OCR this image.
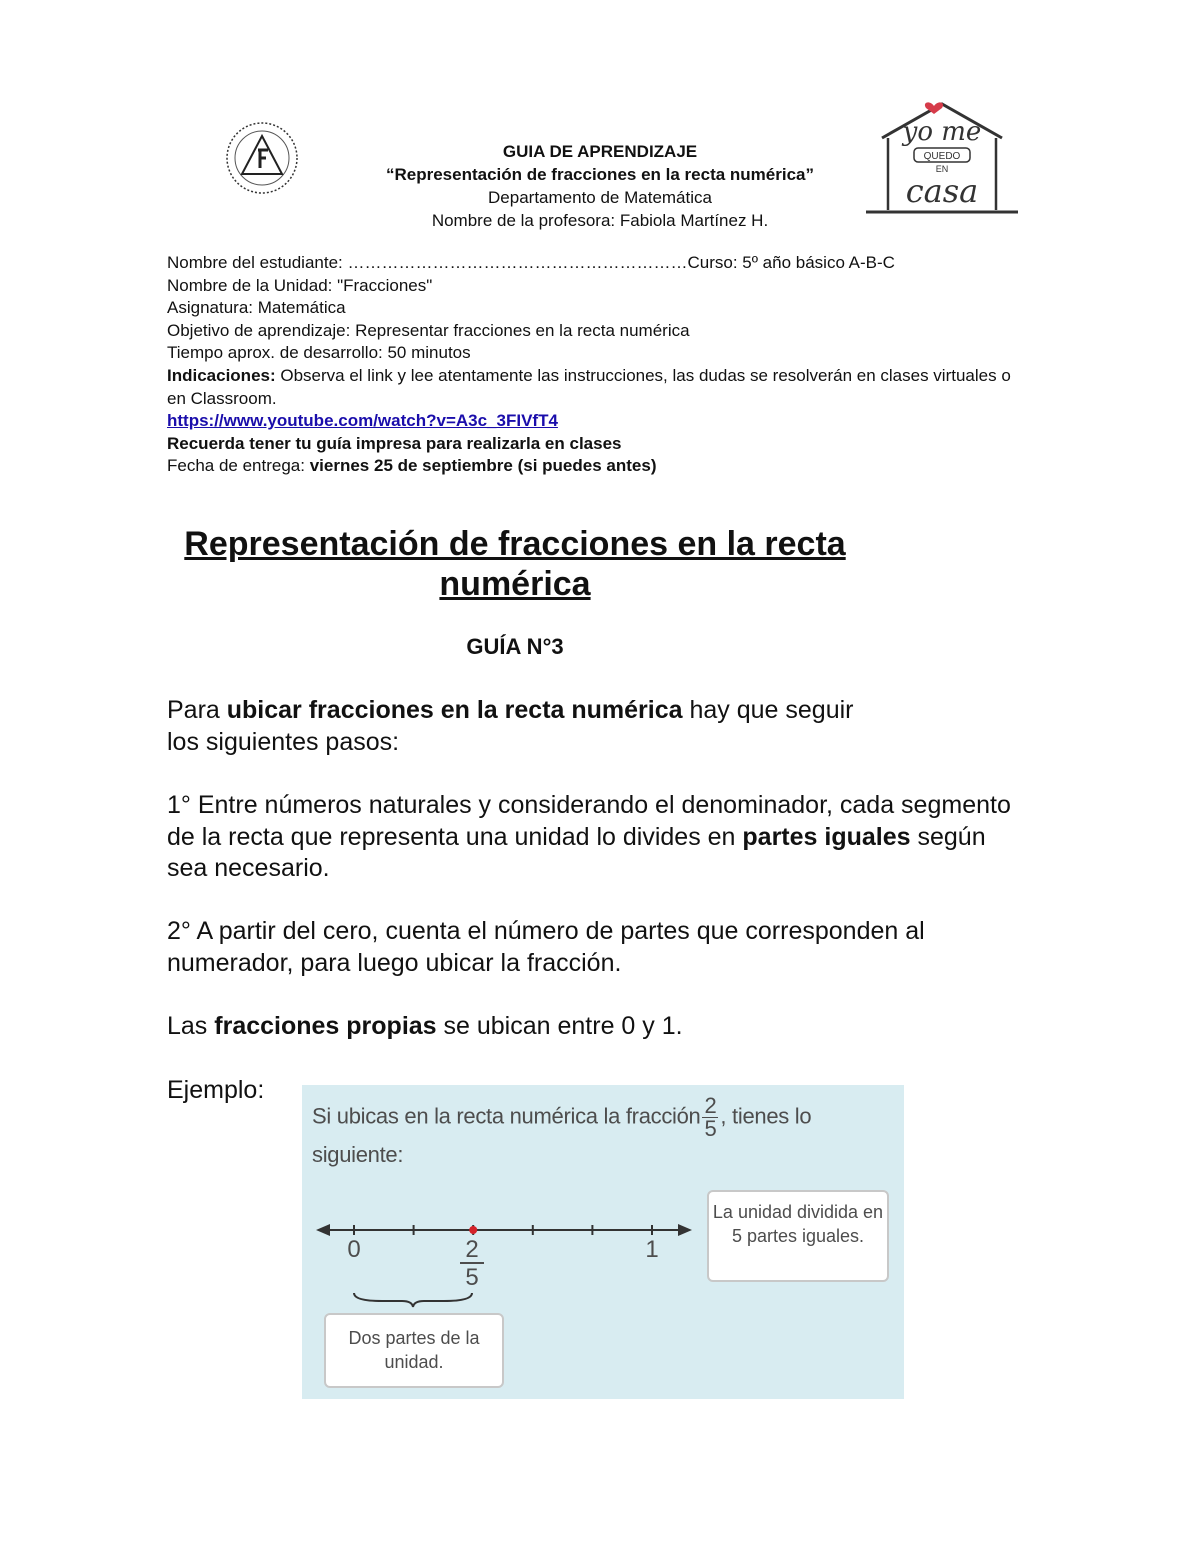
GUIA DE APRENDIZAJE
“Representación de fracciones en la recta numérica”
Departamento de Matemática
Nombre de la profesora: Fabiola Martínez H.
yo me
QUEDO
EN
casa
Nombre del estudiante: ……………………………………………………Curso: 5º año básico A-B-C
Nombre de la Unidad: "Fracciones"
Asignatura: Matemática
Objetivo de aprendizaje: Representar fracciones en la recta numérica
Tiempo aprox. de desarrollo: 50 minutos
Indicaciones: Observa el link y lee atentamente las instrucciones, las dudas se resolverán en clases virtuales o en Classroom.
https://www.youtube.com/watch?v=A3c_3FIVfT4
Recuerda tener tu guía impresa para realizarla en clases
Fecha de entrega: viernes 25 de septiembre (si puedes antes)
Representación de fracciones en la recta numérica
GUÍA N°3
Para ubicar fracciones en la recta numérica hay que seguir los siguientes pasos:
1° Entre números naturales y considerando el denominador, cada segmento de la recta que representa una unidad lo divides en partes iguales según sea necesario.
2° A partir del cero, cuenta el número de partes que corresponden al numerador, para luego ubicar la fracción.
Las fracciones propias se ubican entre 0 y 1.
Ejemplo:
Si ubicas en la recta numérica la fracción $\frac{2}{5}$ , tienes lo siguiente:
0	1
2
5
La unidad dividida en 5 partes iguales.
Dos partes de la unidad.
